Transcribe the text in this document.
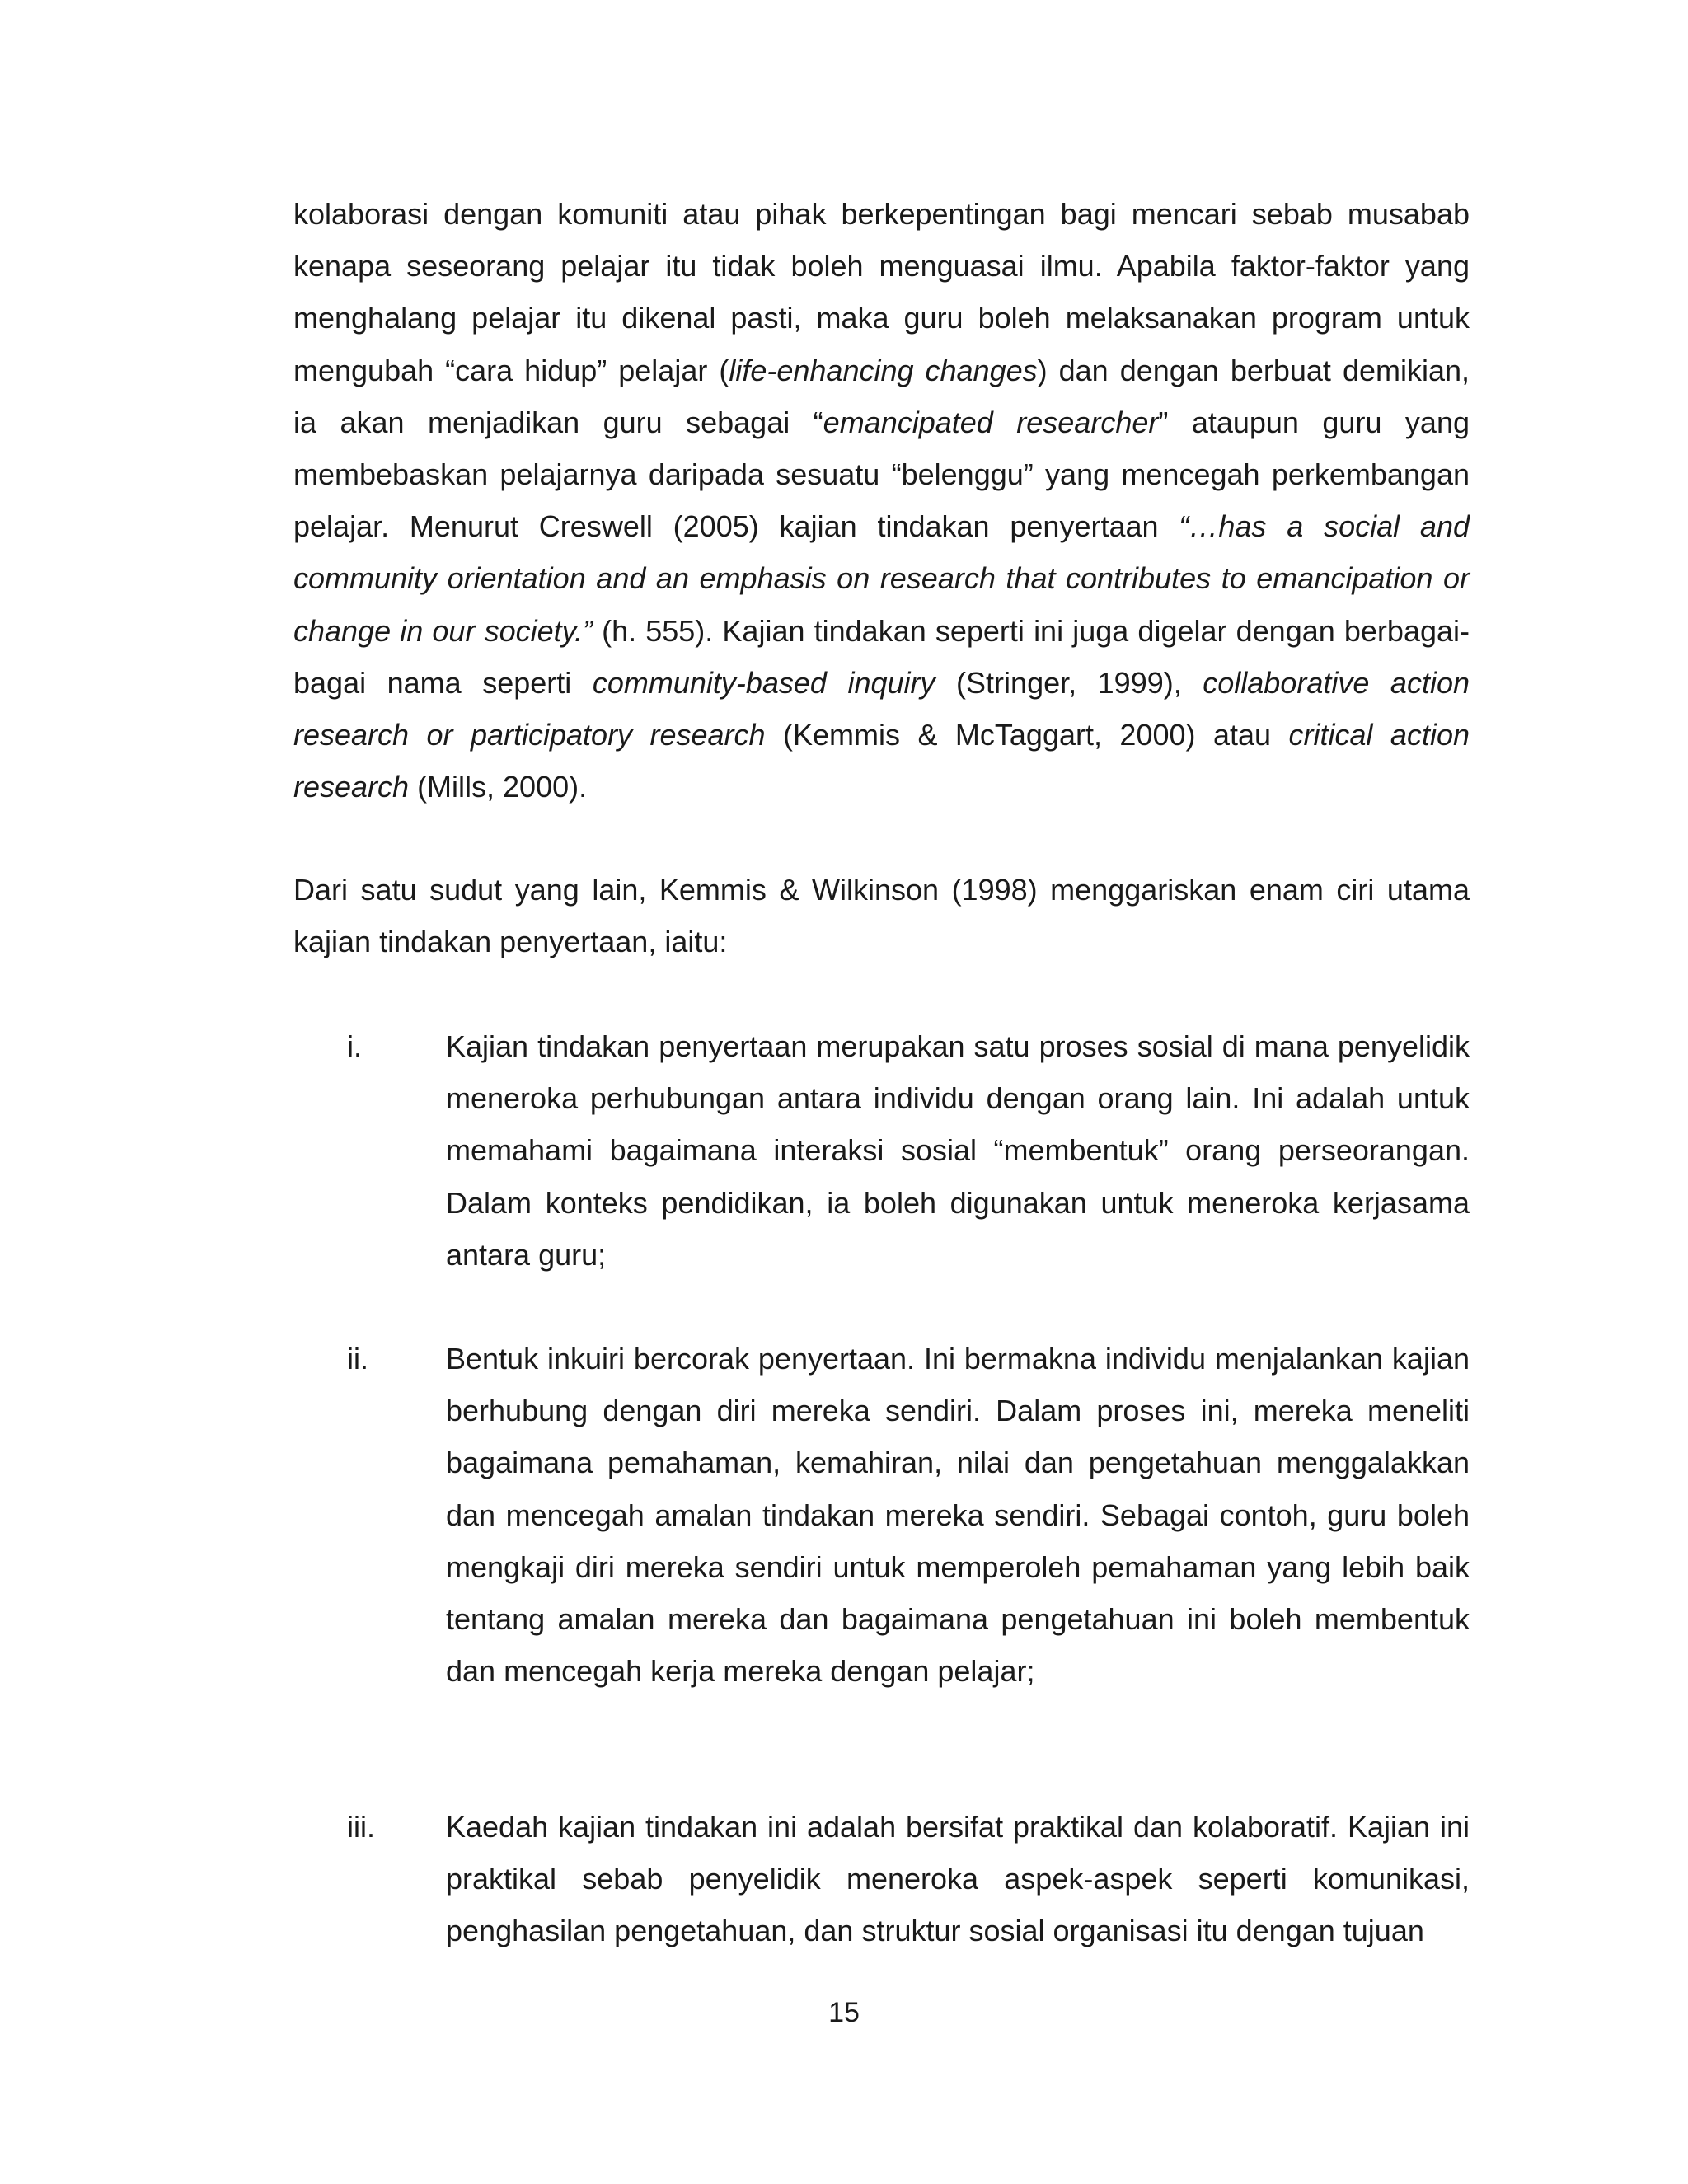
kolaborasi dengan komuniti atau pihak berkepentingan bagi mencari sebab musabab kenapa seseorang pelajar itu tidak boleh menguasai ilmu. Apabila faktor-faktor yang menghalang pelajar itu dikenal pasti, maka guru boleh melaksanakan program untuk mengubah “cara hidup” pelajar (life-enhancing changes) dan dengan berbuat demikian, ia akan menjadikan guru sebagai “emancipated researcher” ataupun guru yang membebaskan pelajarnya daripada sesuatu “belenggu” yang mencegah perkembangan pelajar. Menurut Creswell (2005) kajian tindakan penyertaan “…has a social and community orientation and an emphasis on research that contributes to emancipation or change in our society.” (h. 555). Kajian tindakan seperti ini juga digelar dengan berbagai-bagai nama seperti community-based inquiry (Stringer, 1999), collaborative action research or participatory research (Kemmis & McTaggart, 2000) atau critical action research (Mills, 2000).

Dari satu sudut yang lain, Kemmis & Wilkinson (1998) menggariskan enam ciri utama kajian tindakan penyertaan, iaitu:

i.	Kajian tindakan penyertaan merupakan satu proses sosial di mana penyelidik meneroka perhubungan antara individu dengan orang lain. Ini adalah untuk memahami bagaimana interaksi sosial “membentuk” orang perseorangan. Dalam konteks pendidikan, ia boleh digunakan untuk meneroka kerjasama antara guru;

ii.	Bentuk inkuiri bercorak penyertaan. Ini bermakna individu menjalankan kajian berhubung dengan diri mereka sendiri. Dalam proses ini, mereka meneliti bagaimana pemahaman, kemahiran, nilai dan pengetahuan menggalakkan dan mencegah amalan tindakan mereka sendiri. Sebagai contoh, guru boleh mengkaji diri mereka sendiri untuk memperoleh pemahaman yang lebih baik tentang amalan mereka dan bagaimana pengetahuan ini boleh membentuk dan mencegah kerja mereka dengan pelajar;

iii. Kaedah kajian tindakan ini adalah bersifat praktikal dan kolaboratif. Kajian ini praktikal sebab penyelidik meneroka aspek-aspek seperti komunikasi, penghasilan pengetahuan, dan struktur sosial organisasi itu dengan tujuan

15
